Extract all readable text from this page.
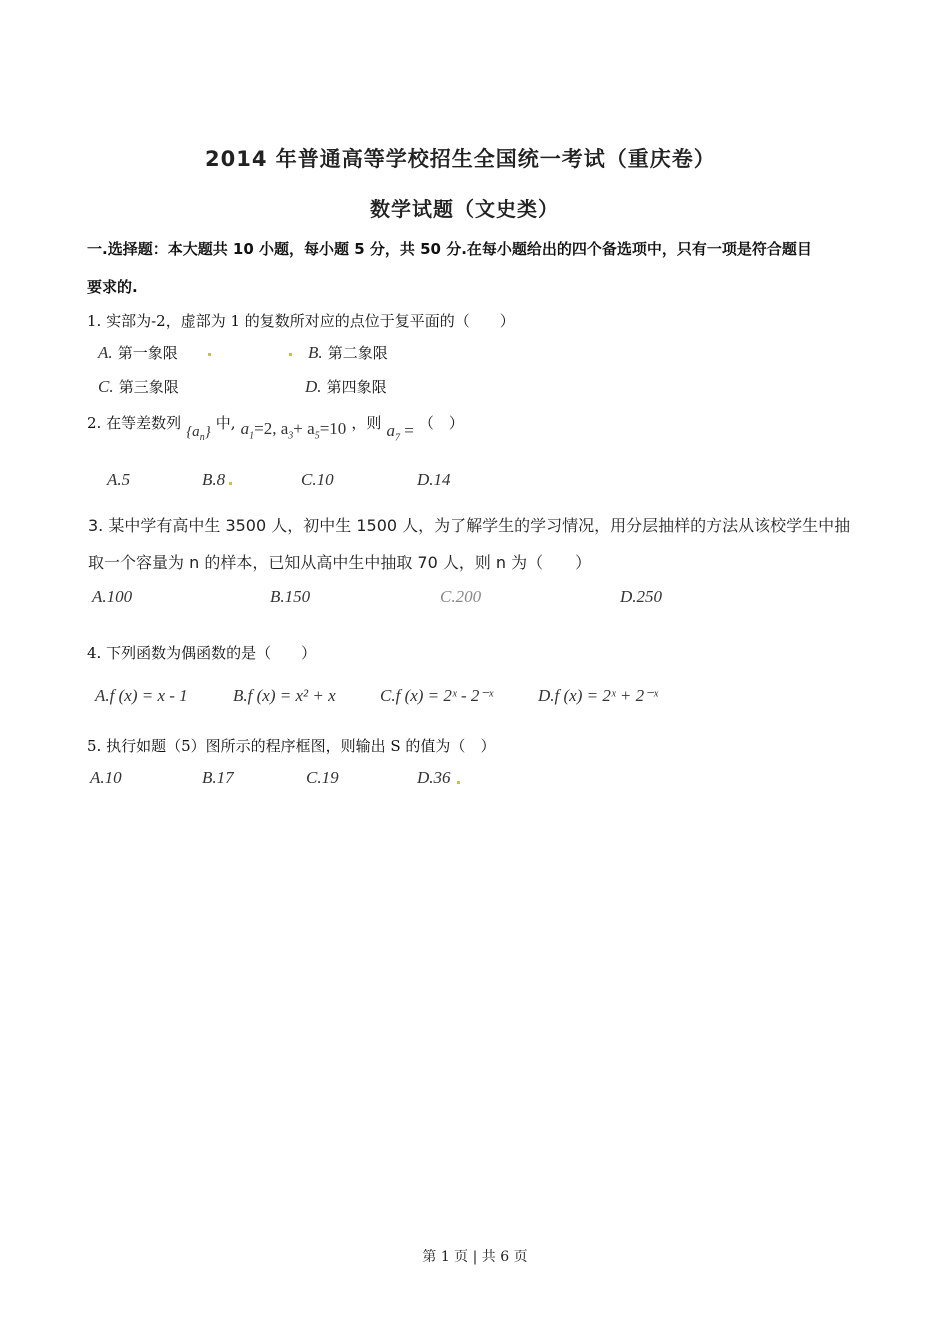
2014 年普通高等学校招生全国统一考试（重庆卷）
数学试题（文史类）
一.选择题：本大题共 10 小题，每小题 5 分，共 50 分.在每小题给出的四个备选项中，只有一项是符合题目
要求的.
1. 实部为-2，虚部为 1 的复数所对应的点位于复平面的（　　）
A. 第一象限	B. 第二象限
C. 第三象限	D. 第四象限
2. 在等差数列 $\{a_n\}$ 中, $a_1=2$, $a_3+ a_5=10$ ，则 $a_7$ = （　）
A.5	B.8	C.10	D.14
3. 某中学有高中生 3500 人，初中生 1500 人，为了解学生的学习情况，用分层抽样的方法从该校学生中抽
取一个容量为 n 的样本，已知从高中生中抽取 70 人，则 n 为（　　）
A.100	B.150	C.200	D.250
4. 下列函数为偶函数的是（　　）
A.f (x) = x - 1	B.f (x) = x² + x	C.f (x) = 2ˣ - 2⁻ˣ	D.f (x) = 2ˣ + 2⁻ˣ
5. 执行如题（5）图所示的程序框图，则输出 S 的值为（　）
A.10	B.17	C.19	D.36
第 1 页 | 共 6 页
